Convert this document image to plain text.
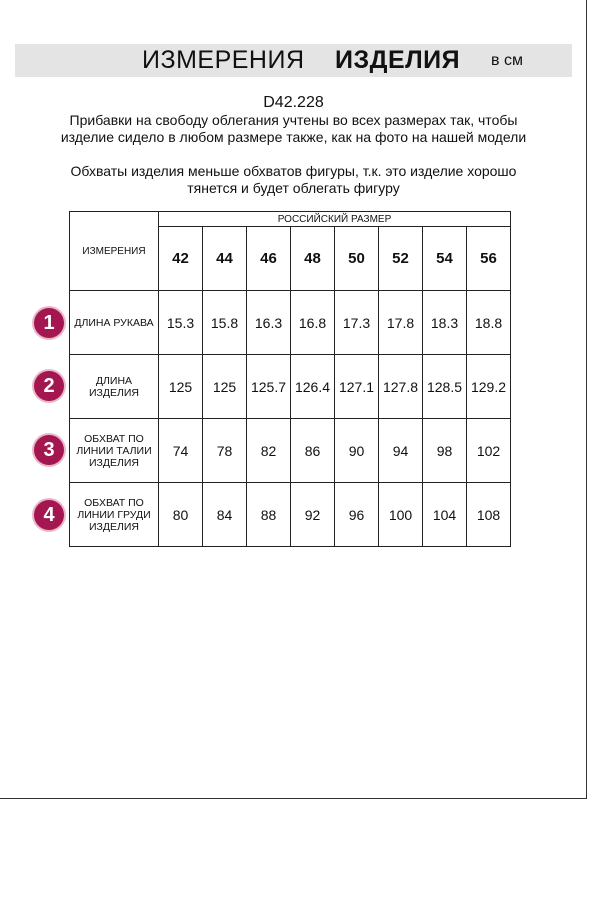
ИЗМЕРЕНИЯ ИЗДЕЛИЯ в см
D42.228
Прибавки на свободу облегания учтены во всех размерах так, чтобы изделие сидело в любом размере также, как на фото на нашей модели
Обхваты изделия меньше обхватов фигуры, т.к. это изделие хорошо тянется и будет облегать фигуру
ИЗМЕРЕНИЯ	РОССИЙСКИЙ РАЗМЕР							
	42	44	46	48	50	52	54	56
ДЛИНА РУКАВА	15.3	15.8	16.3	16.8	17.3	17.8	18.3	18.8
ДЛИНА ИЗДЕЛИЯ	125	125	125.7	126.4	127.1	127.8	128.5	129.2
ОБХВАТ ПО ЛИНИИ ТАЛИИ ИЗДЕЛИЯ	74	78	82	86	90	94	98	102
ОБХВАТ ПО ЛИНИИ ГРУДИ ИЗДЕЛИЯ	80	84	88	92	96	100	104	108
1
2
3
4
